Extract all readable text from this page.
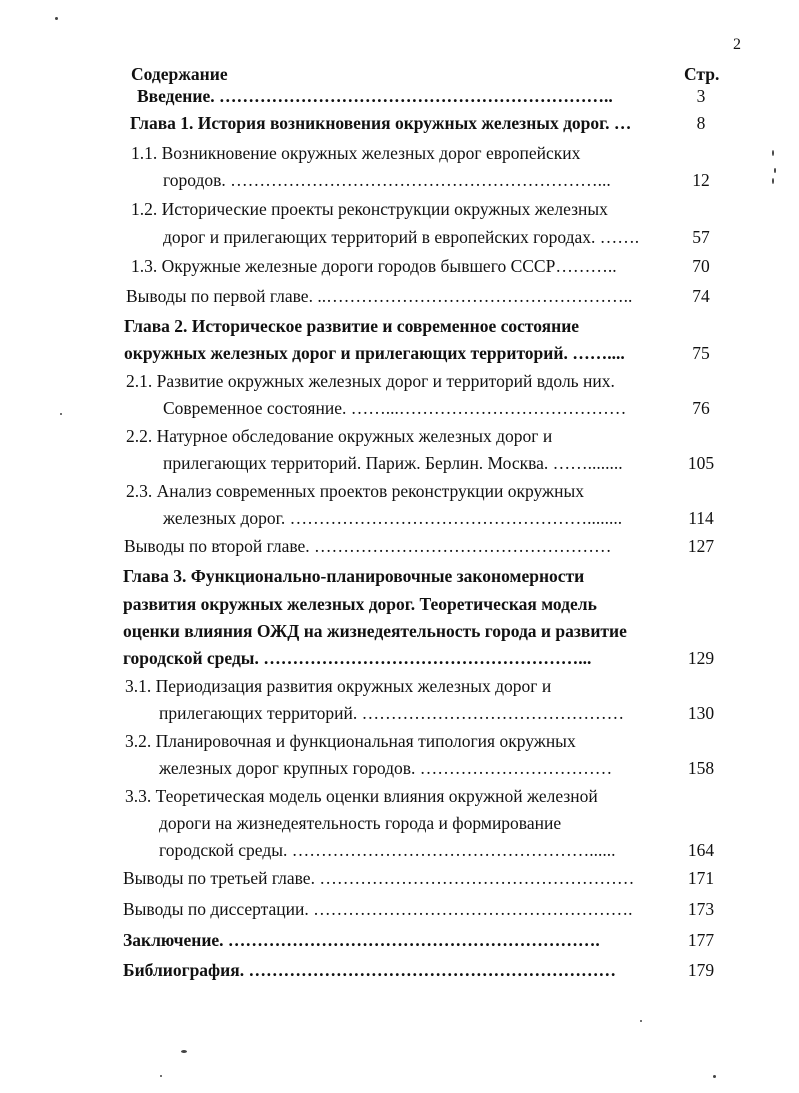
2
Содержание	Стр.
Введение. …………………………………………………………..	3
Глава 1. История возникновения окружных железных дорог. …	8
1.1. Возникновение окружных железных дорог европейских
городов. ………………………………………………………...	12
1.2. Исторические проекты реконструкции окружных железных
дорог и прилегающих территорий в европейских городах. …….	57
1.3. Окружные железные дороги городов бывшего СССР………..	70
Выводы по первой главе. ..……………………………………………..	74
Глава 2. Историческое развитие и современное состояние
окружных железных дорог и прилегающих территорий. ……....	75
2.1. Развитие окружных железных дорог и территорий вдоль них.
Современное состояние. ……...…………………………………	76
2.2. Натурное обследование окружных железных дорог и
прилегающих территорий. Париж. Берлин. Москва. ……........	105
2.3. Анализ современных проектов реконструкции окружных
железных дорог. ……………………………………………........	114
Выводы по второй главе. ……………………………………………	127
Глава 3. Функционально-планировочные закономерности
развития окружных железных дорог. Теоретическая модель
оценки влияния ОЖД на жизнедеятельность города и развитие
городской среды. ………………………………………………...	129
3.1. Периодизация развития окружных железных дорог и
прилегающих территорий. ………………………………………	130
3.2. Планировочная и функциональная типология окружных
железных дорог крупных городов. ……………………………	158
3.3. Теоретическая модель оценки влияния окружной железной
дороги на жизнедеятельность города и формирование
городской среды. ……………………………………………......	164
Выводы по третьей главе. ………………………………………………	171
Выводы по диссертации. ……………………………………………….	173
Заключение. ……………………………………………………….	177
Библиография. ………………………………………………………	179
